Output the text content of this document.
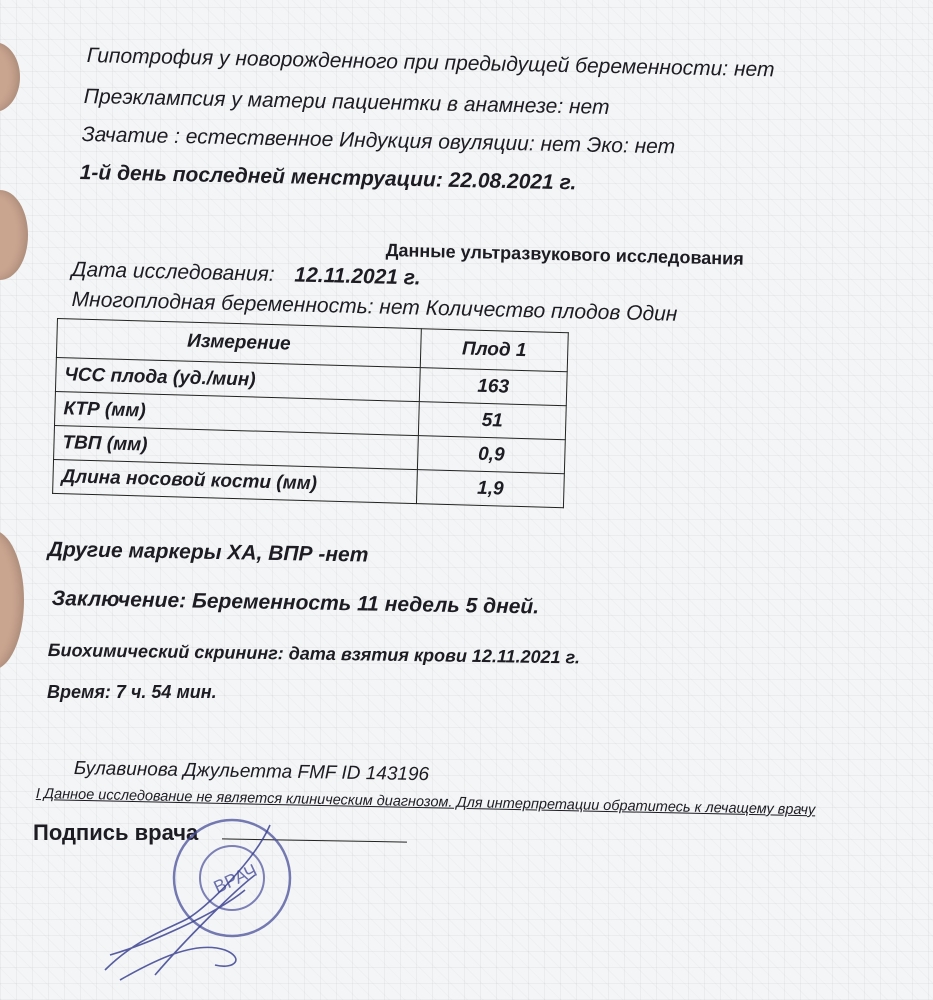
Гипотрофия у новорожденного при предыдущей беременности: нет
Преэклампсия у матери пациентки в анамнезе: нет
Зачатие : естественное Индукция овуляции: нет Эко: нет
1-й день последней менструации: 22.08.2021 г.
Данные ультразвукового исследования
Дата исследования: 12.11.2021 г.
Многоплодная беременность: нет Количество плодов Один
Измерение	Плод 1
ЧСС плода (уд./мин)	163
КТР (мм)	51
ТВП (мм)	0,9
Длина носовой кости (мм)	1,9
Другие маркеры ХА, ВПР -нет
Заключение: Беременность 11 недель 5 дней.
Биохимический скрининг: дата взятия крови 12.11.2021 г.
Время: 7 ч. 54 мин.
Булавинова Джульетта FMF ID 143196
I Данное исследование не является клиническим диагнозом. Для интерпретации обратитесь к лечащему врачу
Подпись врача
ВРАЧ
